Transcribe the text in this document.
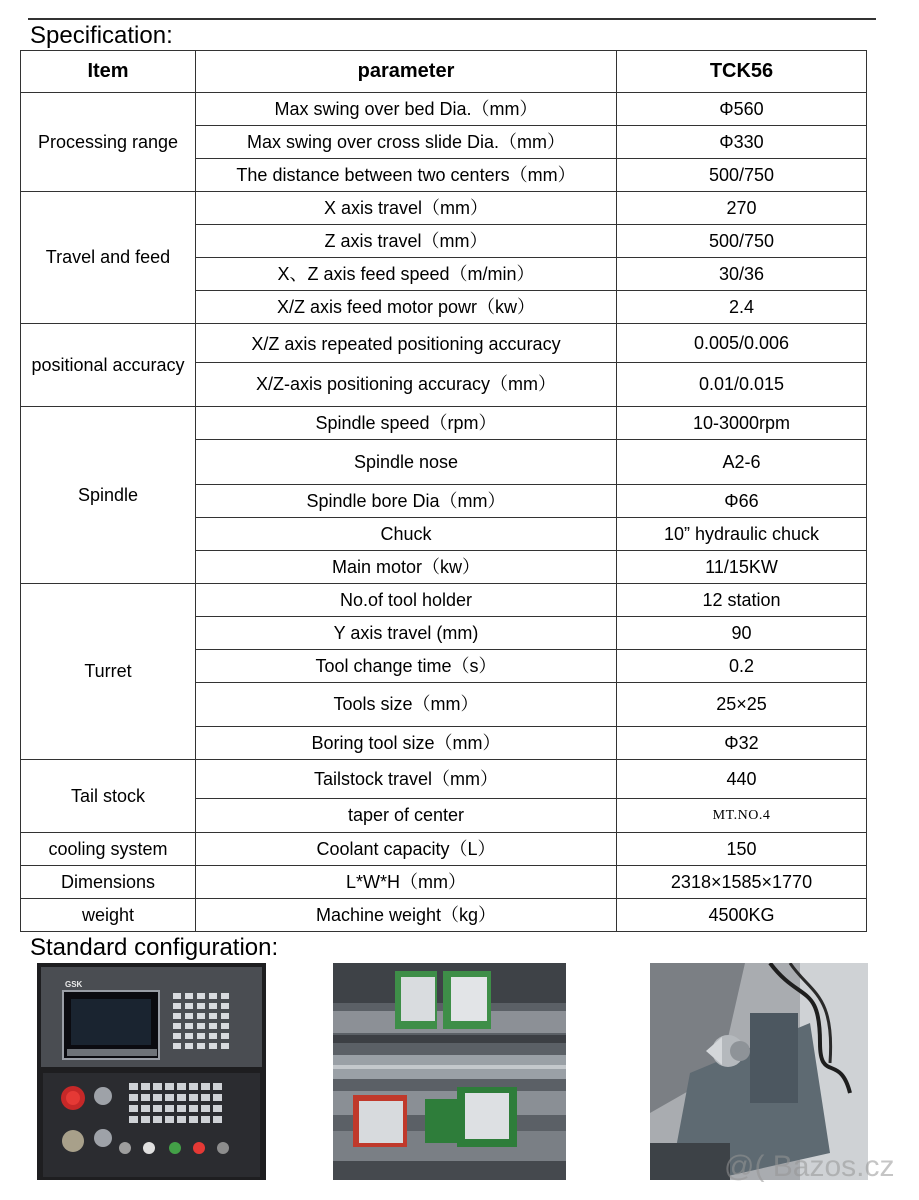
Specification:
Item	parameter	TCK56
Processing range	Max swing over bed Dia.（mm）	Φ560
	Max swing over cross slide Dia.（mm）	Φ330
	The distance between two centers（mm）	500/750
Travel and feed	X axis travel（mm）	270
	Z axis travel（mm）	500/750
	X、Z axis feed speed（m/min）	30/36
	X/Z axis feed motor powr（kw）	2.4
positional accuracy	X/Z axis repeated positioning accuracy	0.005/0.006
	X/Z-axis positioning accuracy（mm）	0.01/0.015
Spindle	Spindle speed（rpm）	10-3000rpm
	Spindle nose	A2-6
	Spindle bore Dia（mm）	Φ66
	Chuck	10” hydraulic chuck
	Main motor（kw）	11/15KW
Turret	No.of tool holder	12 station
	Y axis travel (mm)	90
	Tool change time（s）	0.2
	Tools size（mm）	25×25
	Boring tool size（mm）	Φ32
Tail stock	Tailstock travel（mm）	440
	taper of center	MT.NO.4
cooling system	Coolant capacity（L）	150
Dimensions	L*W*H（mm）	2318×1585×1770
weight	Machine weight（kg）	4500KG
Standard configuration:
GSK
@( Bazos.cz
